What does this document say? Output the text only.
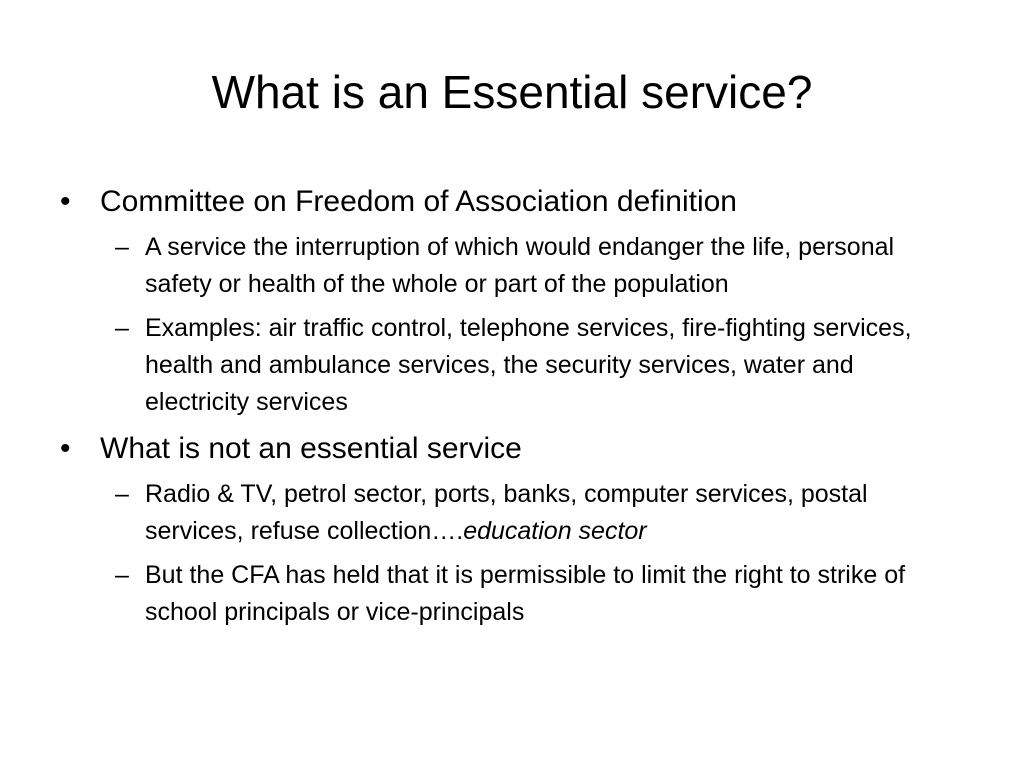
What is an Essential service?
• Committee on Freedom of Association definition
– A service the interruption of which would endanger the life, personal safety or health of the whole or part of the population
– Examples: air traffic control, telephone services, fire-fighting services, health and ambulance services, the security services, water and electricity services
• What is not an essential service
– Radio & TV, petrol sector, ports, banks, computer services, postal services, refuse collection….education sector
– But the CFA has held that it is permissible to limit the right to strike of school principals or vice-principals
